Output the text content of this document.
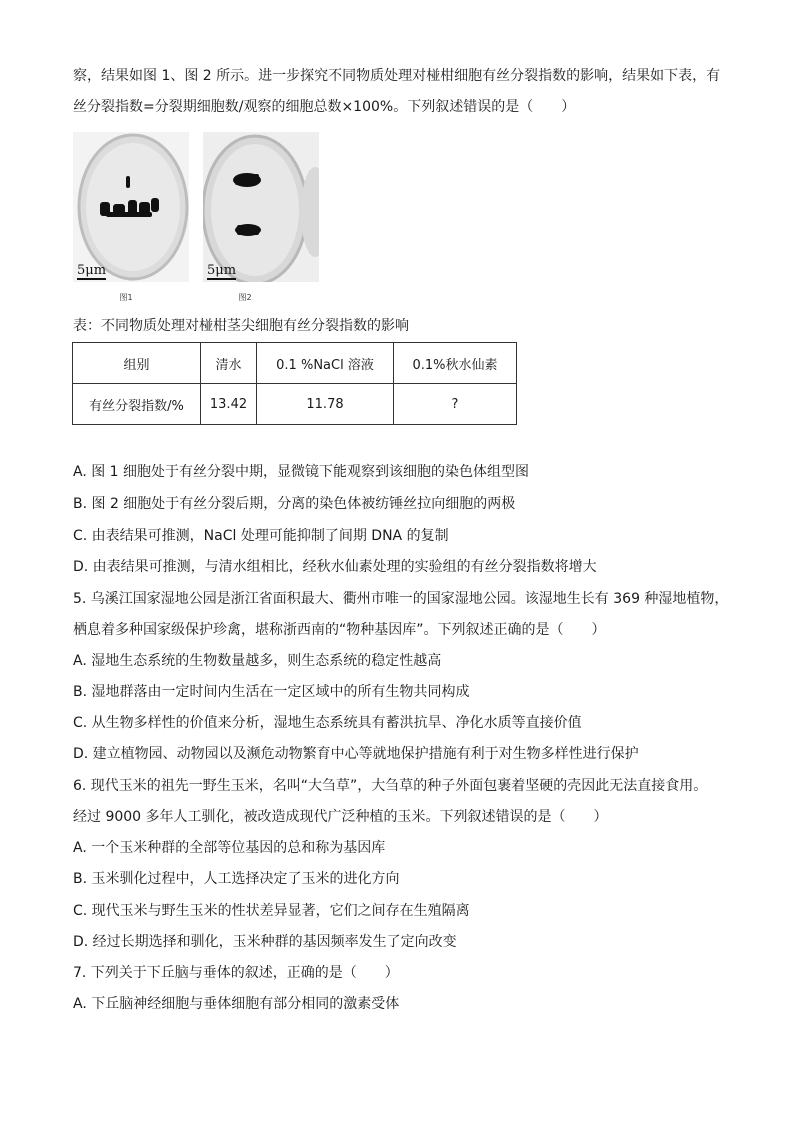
察，结果如图 1、图 2 所示。进一步探究不同物质处理对椪柑细胞有丝分裂指数的影响，结果如下表，有
丝分裂指数=分裂期细胞数/观察的细胞总数×100%。下列叙述错误的是（　　）
5μm	5μm
图1	图2
表：不同物质处理对椪柑茎尖细胞有丝分裂指数的影响
组别	清水	0.1 %NaCl 溶液	0.1%秋水仙素
有丝分裂指数/%	13.42	11.78	?
A. 图 1 细胞处于有丝分裂中期，显微镜下能观察到该细胞的染色体组型图
B. 图 2 细胞处于有丝分裂后期，分离的染色体被纺锤丝拉向细胞的两极
C. 由表结果可推测，NaCl 处理可能抑制了间期 DNA 的复制
D. 由表结果可推测，与清水组相比，经秋水仙素处理的实验组的有丝分裂指数将增大
5. 乌溪江国家湿地公园是浙江省面积最大、衢州市唯一的国家湿地公园。该湿地生长有 369 种湿地植物，
栖息着多种国家级保护珍禽，堪称浙西南的“物种基因库”。下列叙述正确的是（　　）
A. 湿地生态系统的生物数量越多，则生态系统的稳定性越高
B. 湿地群落由一定时间内生活在一定区域中的所有生物共同构成
C. 从生物多样性的价值来分析，湿地生态系统具有蓄洪抗旱、净化水质等直接价值
D. 建立植物园、动物园以及濒危动物繁育中心等就地保护措施有利于对生物多样性进行保护
6. 现代玉米的祖先一野生玉米，名叫“大刍草”，大刍草的种子外面包裹着坚硬的壳因此无法直接食用。
经过 9000 多年人工驯化，被改造成现代广泛种植的玉米。下列叙述错误的是（　　）
A. 一个玉米种群的全部等位基因的总和称为基因库
B. 玉米驯化过程中，人工选择决定了玉米的进化方向
C. 现代玉米与野生玉米的性状差异显著，它们之间存在生殖隔离
D. 经过长期选择和驯化，玉米种群的基因频率发生了定向改变
7. 下列关于下丘脑与垂体的叙述，正确的是（　　）
A. 下丘脑神经细胞与垂体细胞有部分相同的激素受体
